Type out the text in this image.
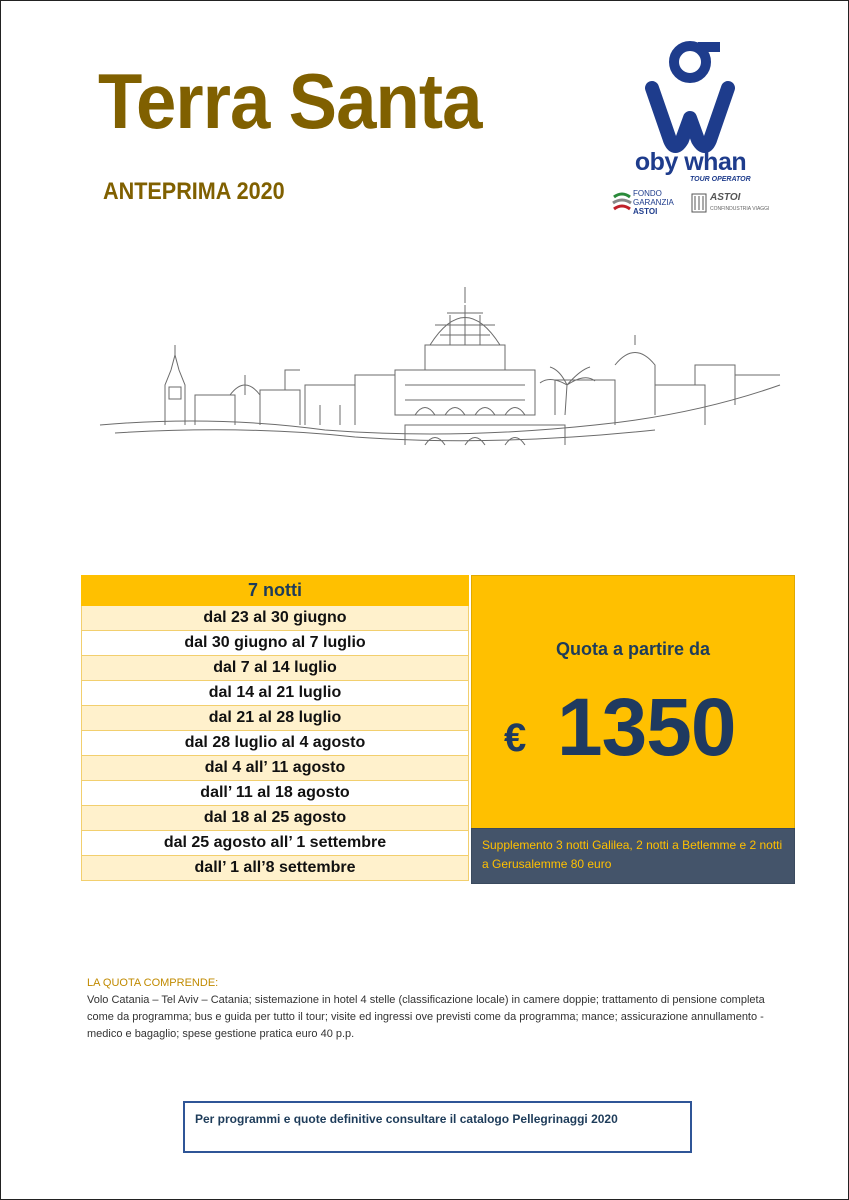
Terra Santa
ANTEPRIMA 2020
oby whan
TOUR OPERATOR
FONDO
GARANZIA
ASTOI
ASTOI
CONFINDUSTRIA VIAGGI
7 notti
dal 23 al 30 giugno
dal 30 giugno al 7 luglio
dal 7 al 14 luglio
dal 14 al 21 luglio
dal 21 al 28 luglio
dal 28 luglio al 4 agosto
dal 4 all’ 11 agosto
dall’ 11 al 18 agosto
dal 18 al 25 agosto
dal 25 agosto all’ 1 settembre
dall’ 1 all’8 settembre
Quota a partire da
€ 1350
Supplemento 3 notti Galilea, 2 notti a Betlemme e 2 notti a Gerusalemme 80 euro
LA QUOTA COMPRENDE:
Volo Catania – Tel Aviv – Catania; sistemazione in hotel 4 stelle (classificazione locale) in camere doppie; trattamento di pensione completa come da programma; bus e guida per tutto il tour; visite ed ingressi ove previsti come da programma; mance; assicurazione annullamento - medico e bagaglio; spese gestione pratica euro 40 p.p.
Per programmi e quote definitive consultare il catalogo Pellegrinaggi 2020
